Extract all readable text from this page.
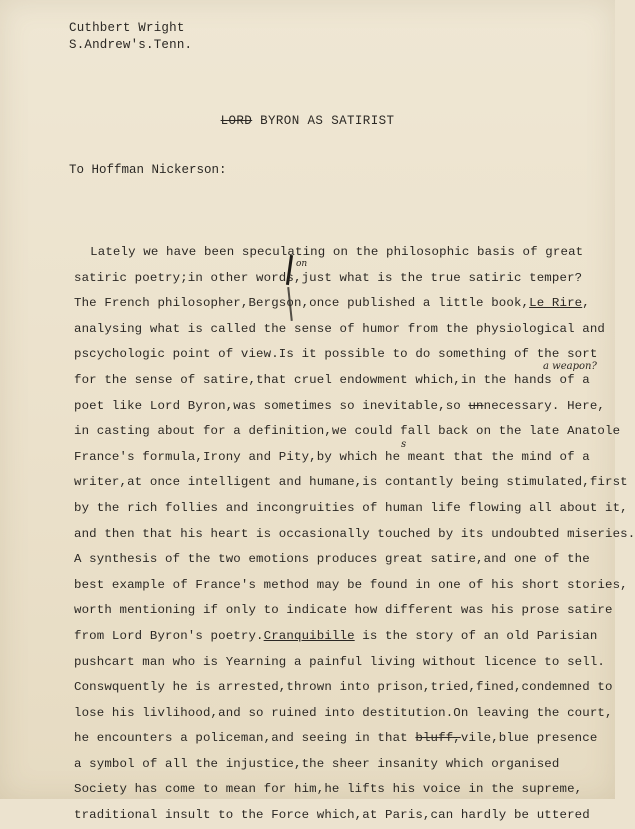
Cuthbert Wright
S.Andrew's.Tenn.
LORD BYRON AS SATIRIST
To Hoffman Nickerson:
on
a weapon?
s
Lately we have been speculating on the philosophic basis of great
satiric poetry;in other words,just what is the true satiric temper?
The French philosopher,Bergson,once published a little book,Le Rire,
analysing what is called the sense of humor from the physiological and
pscychologic point of view.Is it possible to do something of the sort
for the sense of satire,that cruel endowment which,in the hands of a
poet like Lord Byron,was sometimes so inevitable,so unnecessary. Here,
in casting about for a definition,we could fall back on the late Anatole
France's formula,Irony and Pity,by which he meant that the mind of a
writer,at once intelligent and humane,is contantly being stimulated,first
by the rich follies and incongruities of human life flowing all about it,
and then that his heart is occasionally touched by its undoubted miseries.
A synthesis of the two emotions produces great satire,and one of the
best example of France's method may be found in one of his short stories,
worth mentioning if only to indicate how different was his prose satire
from Lord Byron's poetry.Cranquibille is the story of an old Parisian
pushcart man who is Yearning a painful living without licence to sell.
Conswquently he is arrested,thrown into prison,tried,fined,condemned to
lose his livlihood,and so ruined into destitution.On leaving the court,
he encounters a policeman,and seeing in that bluff,vile,blue presence
a symbol of all the injustice,the sheer insanity which organised
Society has come to mean for him,he lifts his voice in the supreme,
traditional insult to the Force which,at Paris,can hardly be uttered
